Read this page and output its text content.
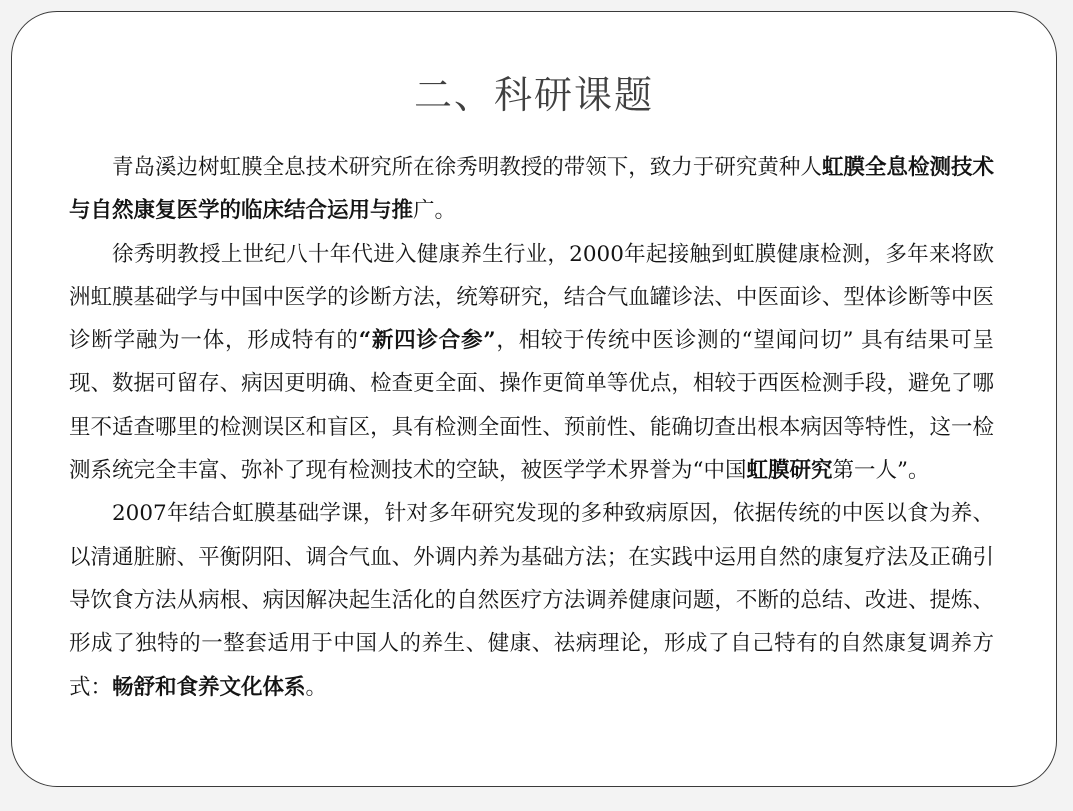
二、科研课题

青岛溪边树虹膜全息技术研究所在徐秀明教授的带领下，致力于研究黄种人虹膜全息检测技术与自然康复医学的临床结合运用与推广。

徐秀明教授上世纪八十年代进入健康养生行业，2000年起接触到虹膜健康检测，多年来将欧洲虹膜基础学与中国中医学的诊断方法，统筹研究，结合气血罐诊法、中医面诊、型体诊断等中医诊断学融为一体，形成特有的“新四诊合参”，相较于传统中医诊测的“望闻问切” 具有结果可呈现、数据可留存、病因更明确、检查更全面、操作更简单等优点，相较于西医检测手段，避免了哪里不适查哪里的检测误区和盲区，具有检测全面性、预前性、能确切查出根本病因等特性，这一检测系统完全丰富、弥补了现有检测技术的空缺，被医学学术界誉为“中国虹膜研究第一人”。

2007年结合虹膜基础学课，针对多年研究发现的多种致病原因，依据传统的中医以食为养、以清通脏腑、平衡阴阳、调合气血、外调内养为基础方法；在实践中运用自然的康复疗法及正确引导饮食方法从病根、病因解决起生活化的自然医疗方法调养健康问题，不断的总结、改进、提炼、形成了独特的一整套适用于中国人的养生、健康、祛病理论，形成了自己特有的自然康复调养方式：畅舒和食养文化体系。
